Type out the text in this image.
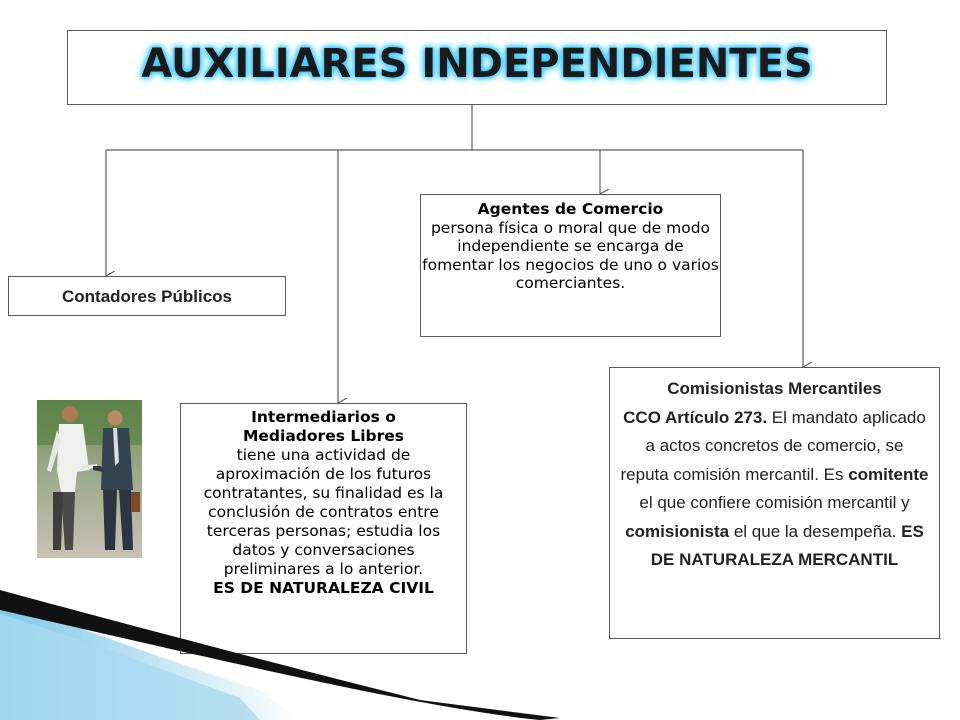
AUXILIARES INDEPENDIENTES
Contadores Públicos
Agentes de Comercio
persona física o moral que de modo independiente se encarga de fomentar los negocios de uno o varios comerciantes.
Intermediarios o Mediadores Libres
tiene una actividad de aproximación de los futuros contratantes, su finalidad es la conclusión de contratos entre terceras personas; estudia los datos y conversaciones preliminares a lo anterior.
ES DE NATURALEZA CIVIL
Comisionistas Mercantiles
CCO Artículo 273. El mandato aplicado a actos concretos de comercio, se reputa comisión mercantil. Es comitente el que confiere comisión mercantil y comisionista el que la desempeña. ES DE NATURALEZA MERCANTIL
